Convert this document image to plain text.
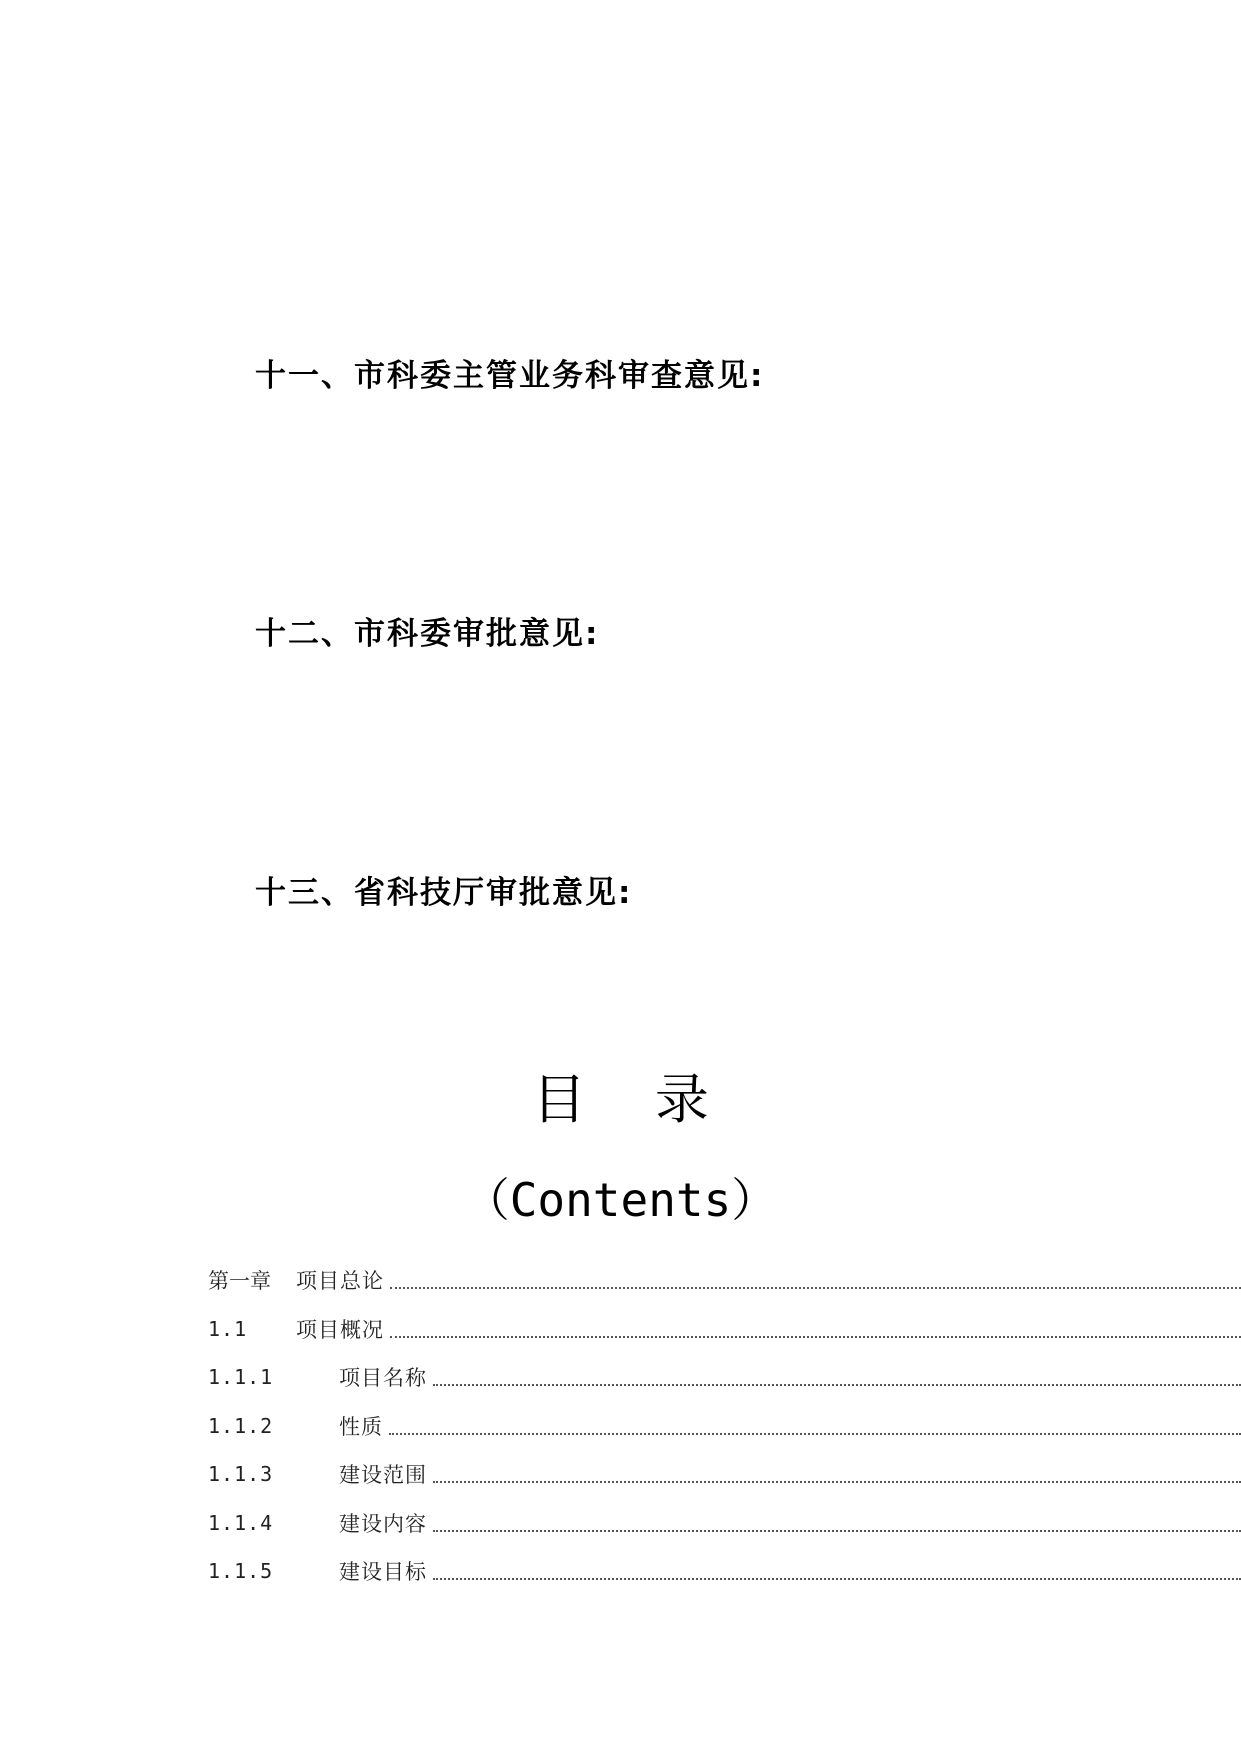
十一、市科委主管业务科审查意见:
十二、市科委审批意见:
十三、省科技厅审批意见:
目    录
（Contents）
第一章	项目总论
1.1	项目概况
1.1.1	项目名称
1.1.2	性质
1.1.3	建设范围
1.1.4	建设内容
1.1.5	建设目标
